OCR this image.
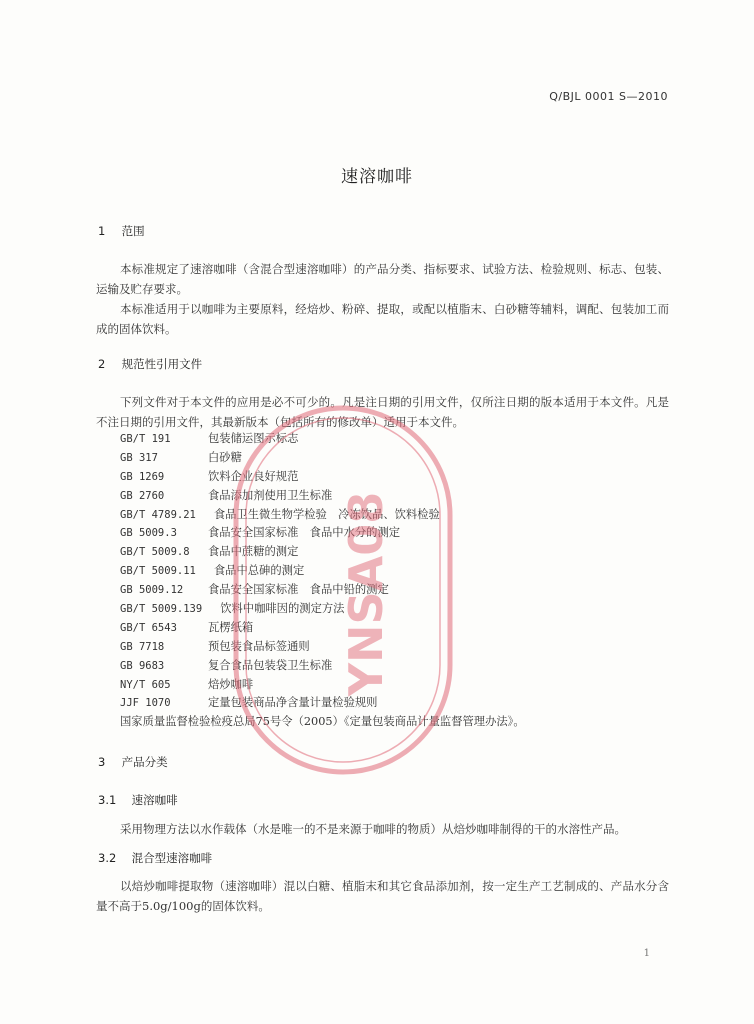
Q/BJL 0001 S—2010
速溶咖啡
1 范围
本标准规定了速溶咖啡（含混合型速溶咖啡）的产品分类、指标要求、试验方法、检验规则、标志、包装、运输及贮存要求。
本标准适用于以咖啡为主要原料，经焙炒、粉碎、提取，或配以植脂末、白砂糖等辅料，调配、包装加工而成的固体饮料。
2 规范性引用文件
下列文件对于本文件的应用是必不可少的。凡是注日期的引用文件，仅所注日期的版本适用于本文件。凡是不注日期的引用文件，其最新版本（包括所有的修改单）适用于本文件。
GB/T 191	包装储运图示标志
GB 317	白砂糖
GB 1269	饮料企业良好规范
GB 2760	食品添加剂使用卫生标准
GB/T 4789.21 食品卫生微生物学检验　冷冻饮品、饮料检验
GB 5009.3	食品安全国家标准　食品中水分的测定
GB/T 5009.8 食品中蔗糖的测定
GB/T 5009.11 食品中总砷的测定
GB 5009.12 食品安全国家标准　食品中铅的测定
GB/T 5009.139 饮料中咖啡因的测定方法
GB/T 6543	瓦楞纸箱
GB 7718	预包装食品标签通则
GB 9683	复合食品包装袋卫生标准
NY/T 605	焙炒咖啡
JJF 1070	定量包装商品净含量计量检验规则
国家质量监督检验检疫总局75号令（2005）《定量包装商品计量监督管理办法》。
YNSA08
3 产品分类
3.1 速溶咖啡
采用物理方法以水作载体（水是唯一的不是来源于咖啡的物质）从焙炒咖啡制得的干的水溶性产品。
3.2 混合型速溶咖啡
以焙炒咖啡提取物（速溶咖啡）混以白糖、植脂末和其它食品添加剂，按一定生产工艺制成的、产品水分含量不高于5.0g/100g的固体饮料。
1
